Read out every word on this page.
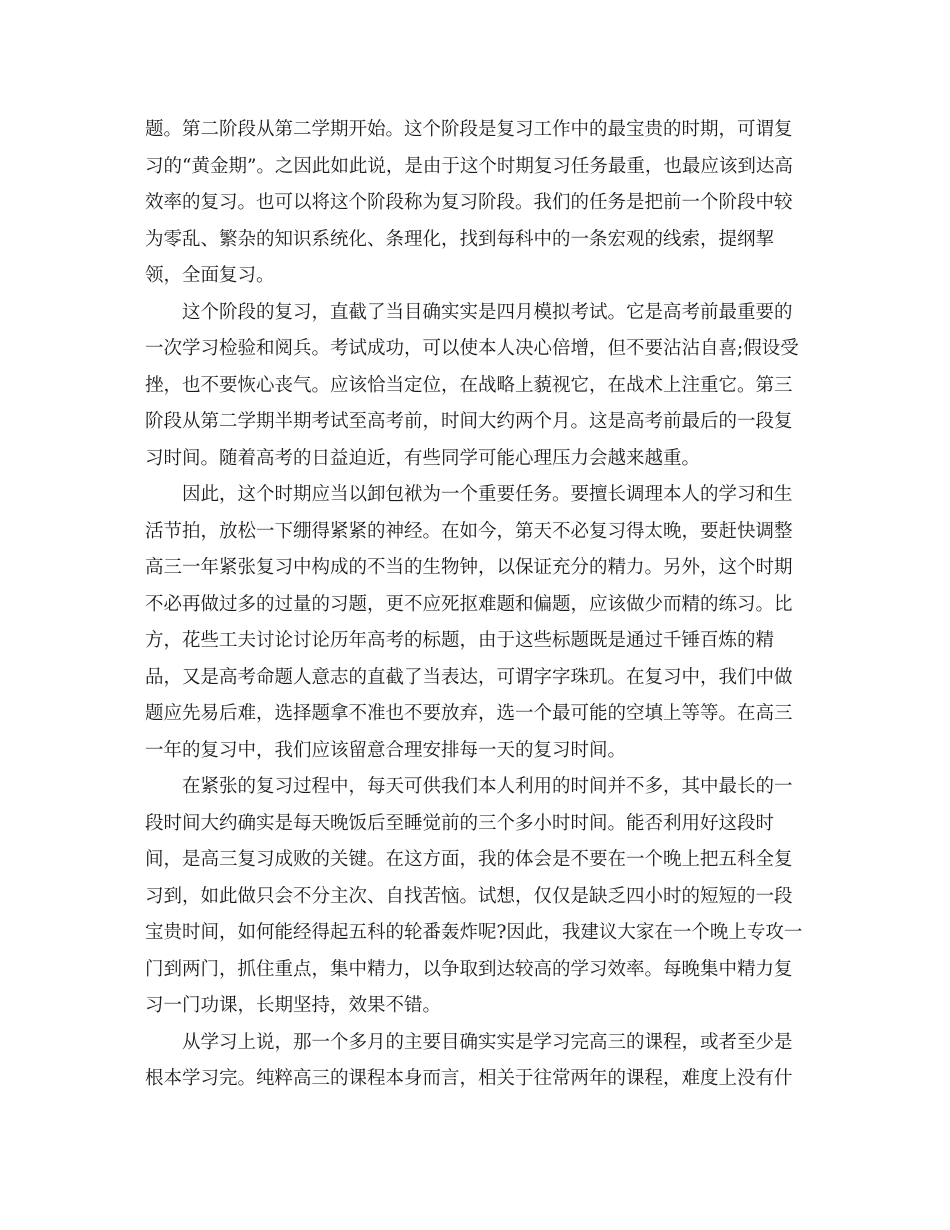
题。第二阶段从第二学期开始。这个阶段是复习工作中的最宝贵的时期，可谓复
习的“黄金期”。之因此如此说，是由于这个时期复习任务最重，也最应该到达高
效率的复习。也可以将这个阶段称为复习阶段。我们的任务是把前一个阶段中较
为零乱、繁杂的知识系统化、条理化，找到每科中的一条宏观的线索，提纲挈
领，全面复习。
这个阶段的复习，直截了当目确实实是四月模拟考试。它是高考前最重要的
一次学习检验和阅兵。考试成功，可以使本人决心倍增，但不要沾沾自喜;假设受
挫，也不要恢心丧气。应该恰当定位，在战略上藐视它，在战术上注重它。第三
阶段从第二学期半期考试至高考前，时间大约两个月。这是高考前最后的一段复
习时间。随着高考的日益迫近，有些同学可能心理压力会越来越重。
因此，这个时期应当以卸包袱为一个重要任务。要擅长调理本人的学习和生
活节拍，放松一下绷得紧紧的神经。在如今，第天不必复习得太晚，要赶快调整
高三一年紧张复习中构成的不当的生物钟，以保证充分的精力。另外，这个时期
不必再做过多的过量的习题，更不应死抠难题和偏题，应该做少而精的练习。比
方，花些工夫讨论讨论历年高考的标题，由于这些标题既是通过千锤百炼的精
品，又是高考命题人意志的直截了当表达，可谓字字珠玑。在复习中，我们中做
题应先易后难，选择题拿不准也不要放弃，选一个最可能的空填上等等。在高三
一年的复习中，我们应该留意合理安排每一天的复习时间。
在紧张的复习过程中，每天可供我们本人利用的时间并不多，其中最长的一
段时间大约确实是每天晚饭后至睡觉前的三个多小时时间。能否利用好这段时
间，是高三复习成败的关键。在这方面，我的体会是不要在一个晚上把五科全复
习到，如此做只会不分主次、自找苦恼。试想，仅仅是缺乏四小时的短短的一段
宝贵时间，如何能经得起五科的轮番轰炸呢?因此，我建议大家在一个晚上专攻一
门到两门，抓住重点，集中精力，以争取到达较高的学习效率。每晚集中精力复
习一门功课，长期坚持，效果不错。
从学习上说，那一个多月的主要目确实实是学习完高三的课程，或者至少是
根本学习完。纯粹高三的课程本身而言，相关于往常两年的课程，难度上没有什
